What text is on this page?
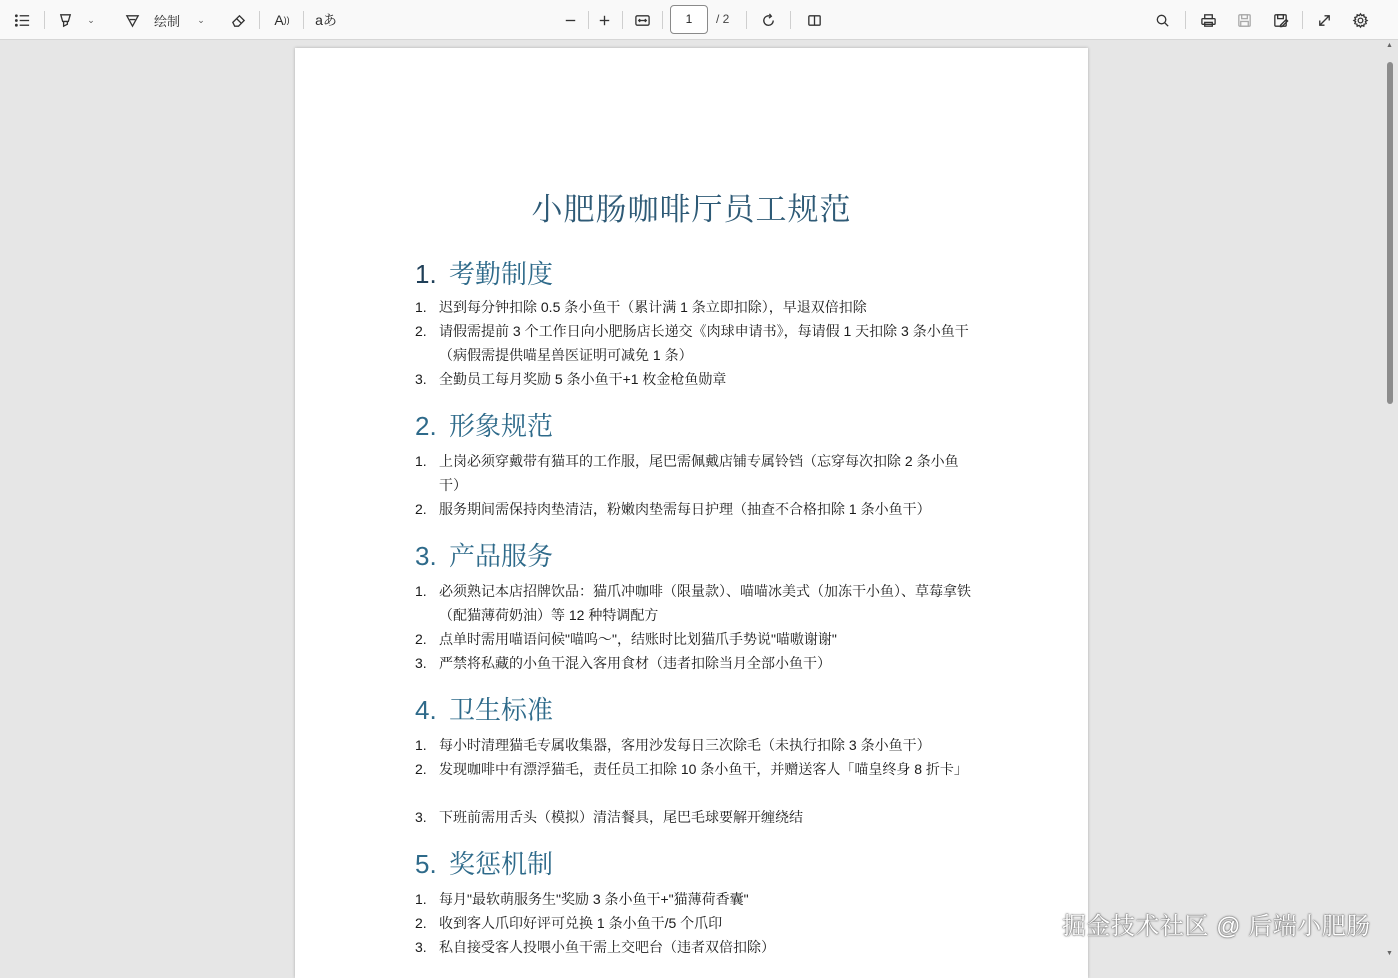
⌄	绘制	⌄	A )) aあ	1	/ 2
小肥肠咖啡厅员工规范
1. 考勤制度
1. 迟到每分钟扣除 0.5 条小鱼干（累计满 1 条立即扣除），早退双倍扣除
2. 请假需提前 3 个工作日向小肥肠店长递交《肉球申请书》，每请假 1 天扣除 3 条小鱼干（病假需提供喵星兽医证明可减免 1 条）
3. 全勤员工每月奖励 5 条小鱼干+1 枚金枪鱼勋章
2. 形象规范
1. 上岗必须穿戴带有猫耳的工作服，尾巴需佩戴店铺专属铃铛（忘穿每次扣除 2 条小鱼干）
2. 服务期间需保持肉垫清洁，粉嫩肉垫需每日护理（抽查不合格扣除 1 条小鱼干）
3. 产品服务
1. 必须熟记本店招牌饮品：猫爪冲咖啡（限量款）、喵喵冰美式（加冻干小鱼）、草莓拿铁（配猫薄荷奶油）等 12 种特调配方
2. 点单时需用喵语问候"喵呜～"，结账时比划猫爪手势说"喵嗷谢谢"
3. 严禁将私藏的小鱼干混入客用食材（违者扣除当月全部小鱼干）
4. 卫生标准
1. 每小时清理猫毛专属收集器，客用沙发每日三次除毛（未执行扣除 3 条小鱼干）
2. 发现咖啡中有漂浮猫毛，责任员工扣除 10 条小鱼干，并赠送客人「喵皇终身 8 折卡」
3. 下班前需用舌头（模拟）清洁餐具，尾巴毛球要解开缠绕结
5. 奖惩机制
1. 每月"最软萌服务生"奖励 3 条小鱼干+"猫薄荷香囊"
2. 收到客人爪印好评可兑换 1 条小鱼干/5 个爪印
3. 私自接受客人投喂小鱼干需上交吧台（违者双倍扣除）
▲
▼
掘金技术社区 @ 后端小肥肠
